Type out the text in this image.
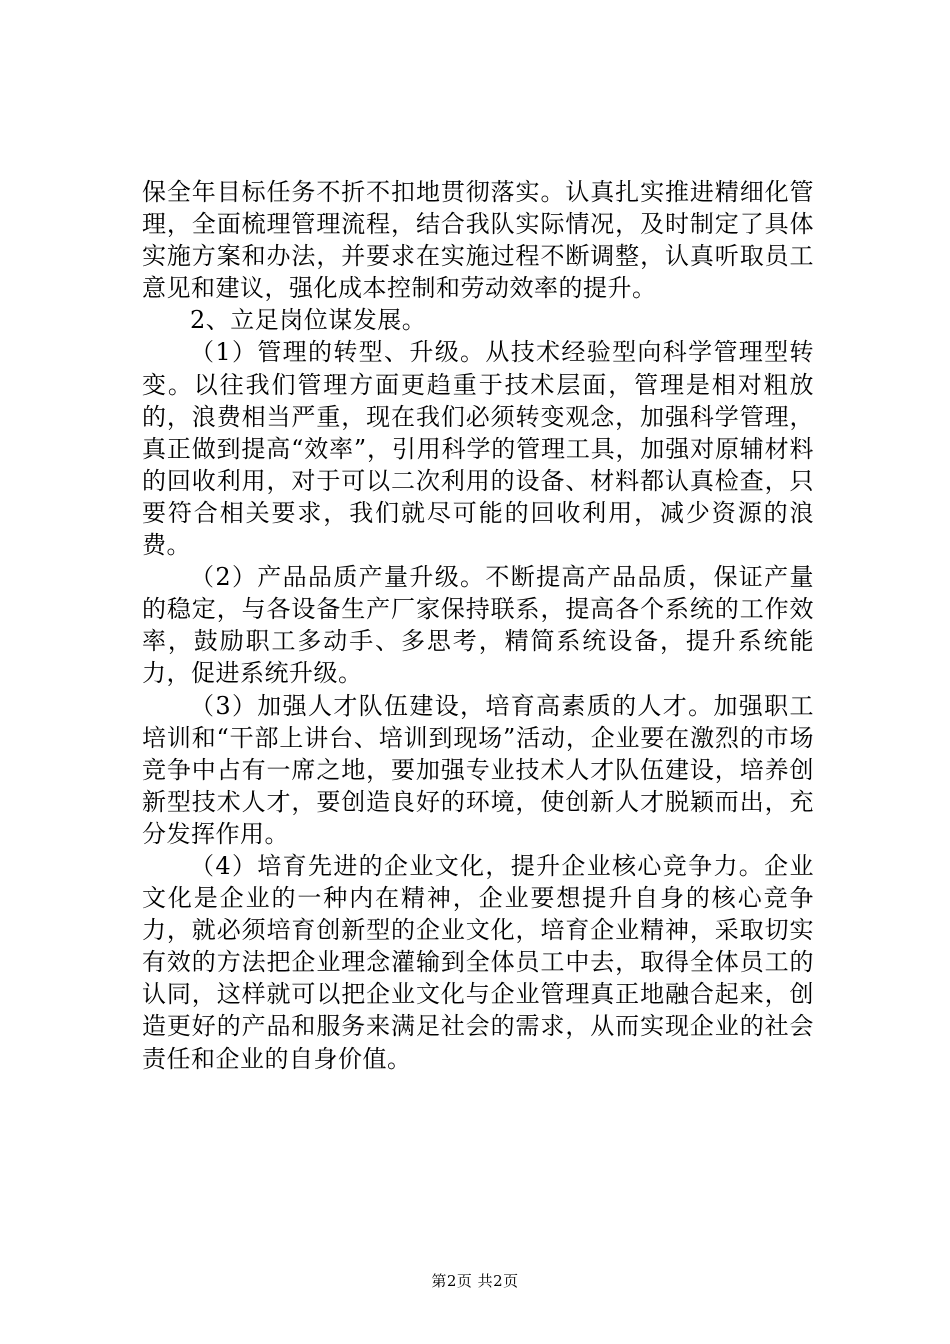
保全年目标任务不折不扣地贯彻落实。认真扎实推进精细化管理，全面梳理管理流程，结合我队实际情况，及时制定了具体实施方案和办法，并要求在实施过程不断调整，认真听取员工意见和建议，强化成本控制和劳动效率的提升。

2、立足岗位谋发展。

（1）管理的转型、升级。从技术经验型向科学管理型转变。以往我们管理方面更趋重于技术层面，管理是相对粗放的，浪费相当严重，现在我们必须转变观念，加强科学管理，真正做到提高“效率”，引用科学的管理工具，加强对原辅材料的回收利用，对于可以二次利用的设备、材料都认真检查，只要符合相关要求，我们就尽可能的回收利用，减少资源的浪费。

（2）产品品质产量升级。不断提高产品品质，保证产量的稳定，与各设备生产厂家保持联系，提高各个系统的工作效率，鼓励职工多动手、多思考，精简系统设备，提升系统能力，促进系统升级。

（3）加强人才队伍建设，培育高素质的人才。加强职工培训和“干部上讲台、培训到现场”活动，企业要在激烈的市场竞争中占有一席之地，要加强专业技术人才队伍建设，培养创新型技术人才，要创造良好的环境，使创新人才脱颖而出，充分发挥作用。

（4）培育先进的企业文化，提升企业核心竞争力。企业文化是企业的一种内在精神，企业要想提升自身的核心竞争力，就必须培育创新型的企业文化，培育企业精神，采取切实有效的方法把企业理念灌输到全体员工中去，取得全体员工的认同，这样就可以把企业文化与企业管理真正地融合起来，创造更好的产品和服务来满足社会的需求，从而实现企业的社会责任和企业的自身价值。

第2页 共2页
